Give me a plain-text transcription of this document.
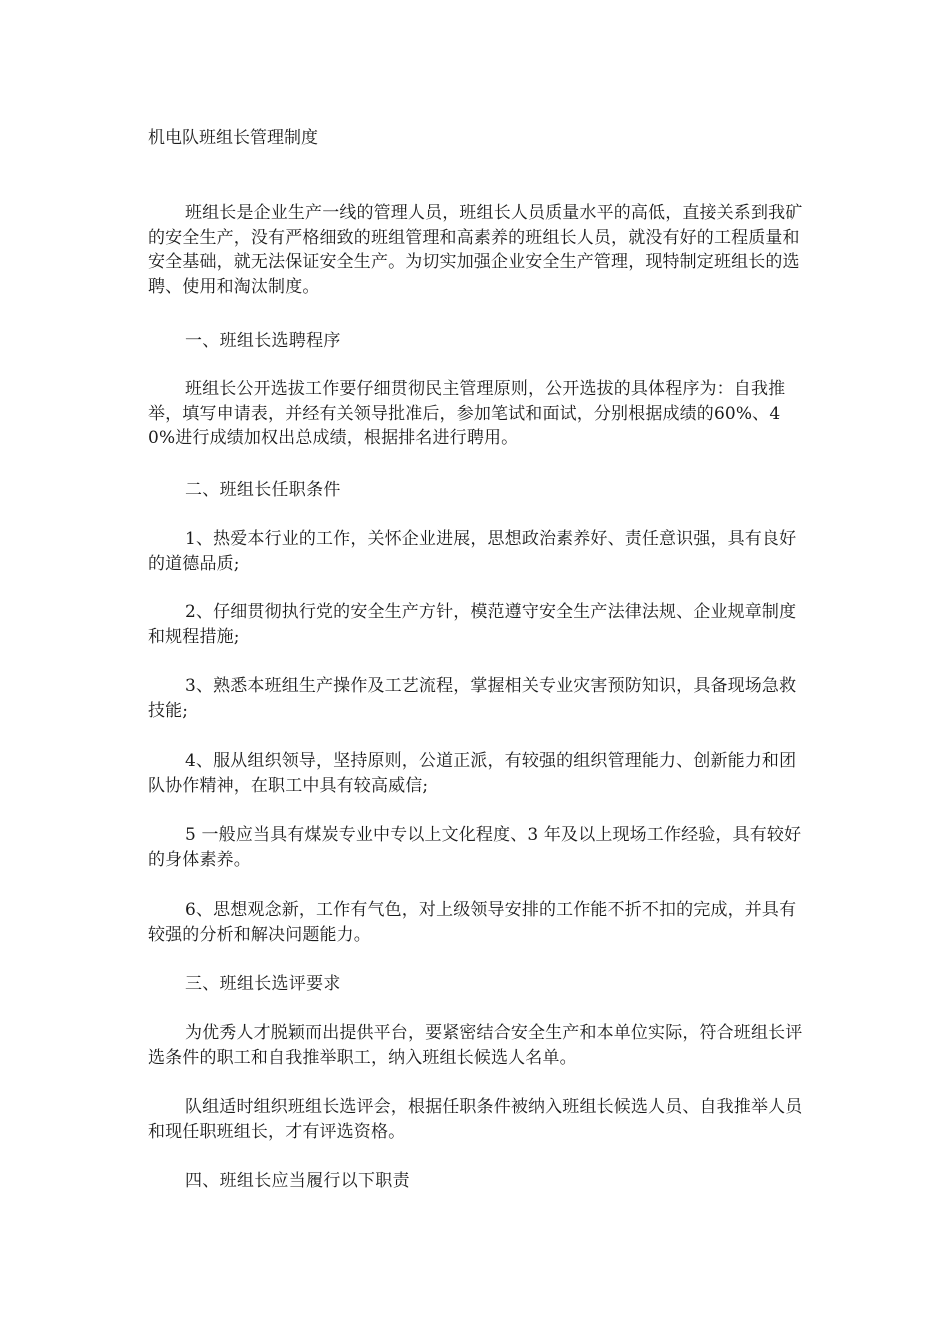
机电队班组长管理制度

班组长是企业生产一线的管理人员，班组长人员质量水平的高低，直接关系到我矿的安全生产，没有严格细致的班组管理和高素养的班组长人员，就没有好的工程质量和安全基础，就无法保证安全生产。为切实加强企业安全生产管理，现特制定班组长的选聘、使用和淘汰制度。

一、班组长选聘程序

班组长公开选拔工作要仔细贯彻民主管理原则，公开选拔的具体程序为：自我推举，填写申请表，并经有关领导批准后，参加笔试和面试，分别根据成绩的60%、40%进行成绩加权出总成绩，根据排名进行聘用。

二、班组长任职条件

1、热爱本行业的工作，关怀企业进展，思想政治素养好、责任意识强，具有良好的道德品质;

2、仔细贯彻执行党的安全生产方针，模范遵守安全生产法律法规、企业规章制度和规程措施;

3、熟悉本班组生产操作及工艺流程，掌握相关专业灾害预防知识，具备现场急救技能;

4、服从组织领导，坚持原则，公道正派，有较强的组织管理能力、创新能力和团队协作精神，在职工中具有较高威信;

5 一般应当具有煤炭专业中专以上文化程度、3 年及以上现场工作经验，具有较好的身体素养。

6、思想观念新，工作有气色，对上级领导安排的工作能不折不扣的完成，并具有较强的分析和解决问题能力。

三、班组长选评要求

为优秀人才脱颖而出提供平台，要紧密结合安全生产和本单位实际，符合班组长评选条件的职工和自我推举职工，纳入班组长候选人名单。

队组适时组织班组长选评会，根据任职条件被纳入班组长候选人员、自我推举人员和现任职班组长，才有评选资格。

四、班组长应当履行以下职责
